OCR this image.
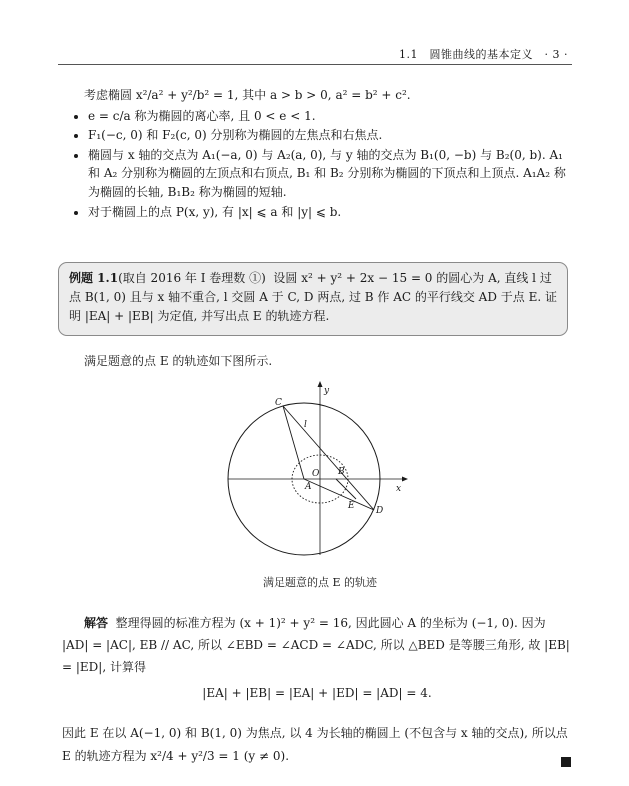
1.1　圆锥曲线的基本定义　· 3 ·

考虑椭圆 x²/a² + y²/b² = 1, 其中 a > b > 0, a² = b² + c².

• e = c/a 称为椭圆的离心率, 且 0 < e < 1.
• F₁(−c, 0) 和 F₂(c, 0) 分别称为椭圆的左焦点和右焦点.
• 椭圆与 x 轴的交点为 A₁(−a, 0) 与 A₂(a, 0), 与 y 轴的交点为 B₁(0, −b) 与 B₂(0, b). A₁ 和 A₂ 分别称为椭圆的左顶点和右顶点, B₁ 和 B₂ 分别称为椭圆的下顶点和上顶点. A₁A₂ 称为椭圆的长轴, B₁B₂ 称为椭圆的短轴.
• 对于椭圆上的点 P(x, y), 有 |x| ⩽ a 和 |y| ⩽ b.
例题 1.1(取自 2016 年 I 卷理数 ①) 设圆 x² + y² + 2x − 15 = 0 的圆心为 A, 直线 l 过点 B(1, 0) 且与 x 轴不重合, l 交圆 A 于 C, D 两点, 过 B 作 AC 的平行线交 AD 于点 E. 证明 |EA| + |EB| 为定值, 并写出点 E 的轨迹方程.
满足题意的点 E 的轨迹如下图所示.
y
x
C
l
O
A
B
E D
满足题意的点 E 的轨迹
解答 整理得圆的标准方程为 (x + 1)² + y² = 16, 因此圆心 A 的坐标为 (−1, 0). 因为 |AD| = |AC|, EB // AC, 所以 ∠EBD = ∠ACD = ∠ADC, 所以 △BED 是等腰三角形, 故 |EB| = |ED|, 计算得
|EA| + |EB| = |EA| + |ED| = |AD| = 4.
因此 E 在以 A(−1, 0) 和 B(1, 0) 为焦点, 以 4 为长轴的椭圆上 (不包含与 x 轴的交点), 所以点 E 的轨迹方程为 x²/4 + y²/3 = 1 (y ≠ 0).
